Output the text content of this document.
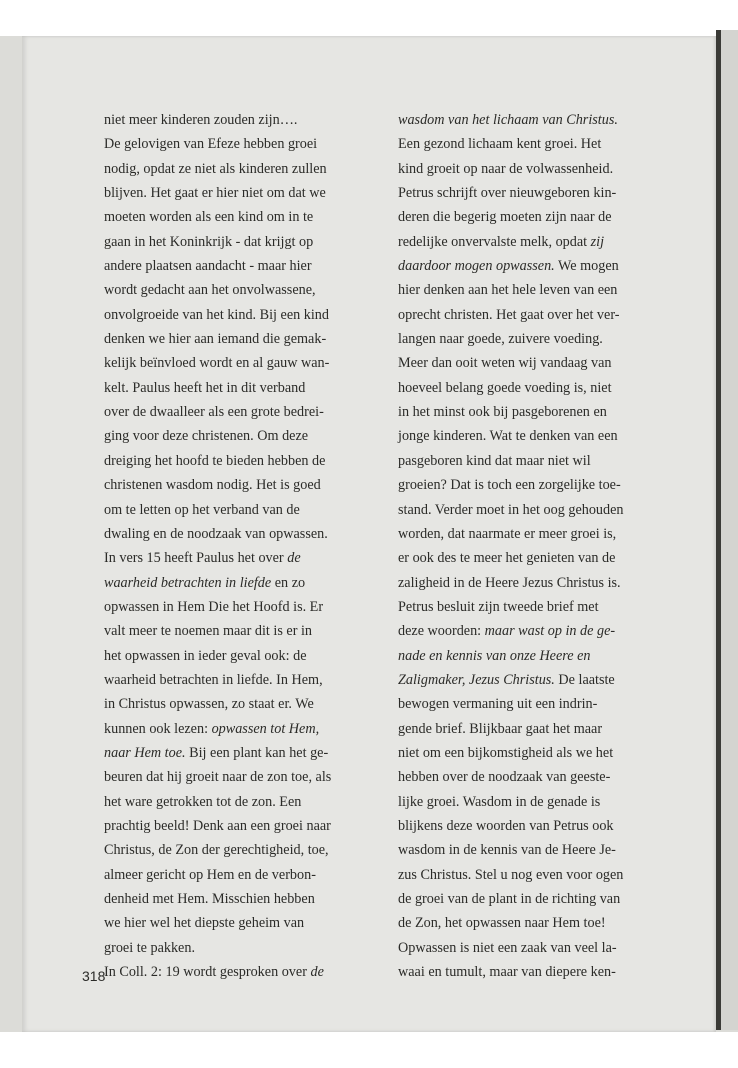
niet meer kinderen zouden zijn….
De gelovigen van Efeze hebben groei
nodig, opdat ze niet als kinderen zullen
blijven. Het gaat er hier niet om dat we
moeten worden als een kind om in te
gaan in het Koninkrijk - dat krijgt op
andere plaatsen aandacht - maar hier
wordt gedacht aan het onvolwassene,
onvolgroeide van het kind. Bij een kind
denken we hier aan iemand die gemak-
kelijk beïnvloed wordt en al gauw wan-
kelt. Paulus heeft het in dit verband
over de dwaalleer als een grote bedrei-
ging voor deze christenen. Om deze
dreiging het hoofd te bieden hebben de
christenen wasdom nodig. Het is goed
om te letten op het verband van de
dwaling en de noodzaak van opwassen.
In vers 15 heeft Paulus het over de
waarheid betrachten in liefde en zo
opwassen in Hem Die het Hoofd is. Er
valt meer te noemen maar dit is er in
het opwassen in ieder geval ook: de
waarheid betrachten in liefde. In Hem,
in Christus opwassen, zo staat er. We
kunnen ook lezen: opwassen tot Hem,
naar Hem toe. Bij een plant kan het ge-
beuren dat hij groeit naar de zon toe, als
het ware getrokken tot de zon. Een
prachtig beeld! Denk aan een groei naar
Christus, de Zon der gerechtigheid, toe,
almeer gericht op Hem en de verbon-
denheid met Hem. Misschien hebben
we hier wel het diepste geheim van
groei te pakken.
In Coll. 2: 19 wordt gesproken over de
wasdom van het lichaam van Christus.
Een gezond lichaam kent groei. Het
kind groeit op naar de volwassenheid.
Petrus schrijft over nieuwgeboren kin-
deren die begerig moeten zijn naar de
redelijke onvervalste melk, opdat zij
daardoor mogen opwassen. We mogen
hier denken aan het hele leven van een
oprecht christen. Het gaat over het ver-
langen naar goede, zuivere voeding.
Meer dan ooit weten wij vandaag van
hoeveel belang goede voeding is, niet
in het minst ook bij pasgeborenen en
jonge kinderen. Wat te denken van een
pasgeboren kind dat maar niet wil
groeien? Dat is toch een zorgelijke toe-
stand. Verder moet in het oog gehouden
worden, dat naarmate er meer groei is,
er ook des te meer het genieten van de
zaligheid in de Heere Jezus Christus is.
Petrus besluit zijn tweede brief met
deze woorden: maar wast op in de ge-
nade en kennis van onze Heere en
Zaligmaker, Jezus Christus. De laatste
bewogen vermaning uit een indrin-
gende brief. Blijkbaar gaat het maar
niet om een bijkomstigheid als we het
hebben over de noodzaak van geeste-
lijke groei. Wasdom in de genade is
blijkens deze woorden van Petrus ook
wasdom in de kennis van de Heere Je-
zus Christus. Stel u nog even voor ogen
de groei van de plant in de richting van
de Zon, het opwassen naar Hem toe!
Opwassen is niet een zaak van veel la-
waai en tumult, maar van diepere ken-
318
